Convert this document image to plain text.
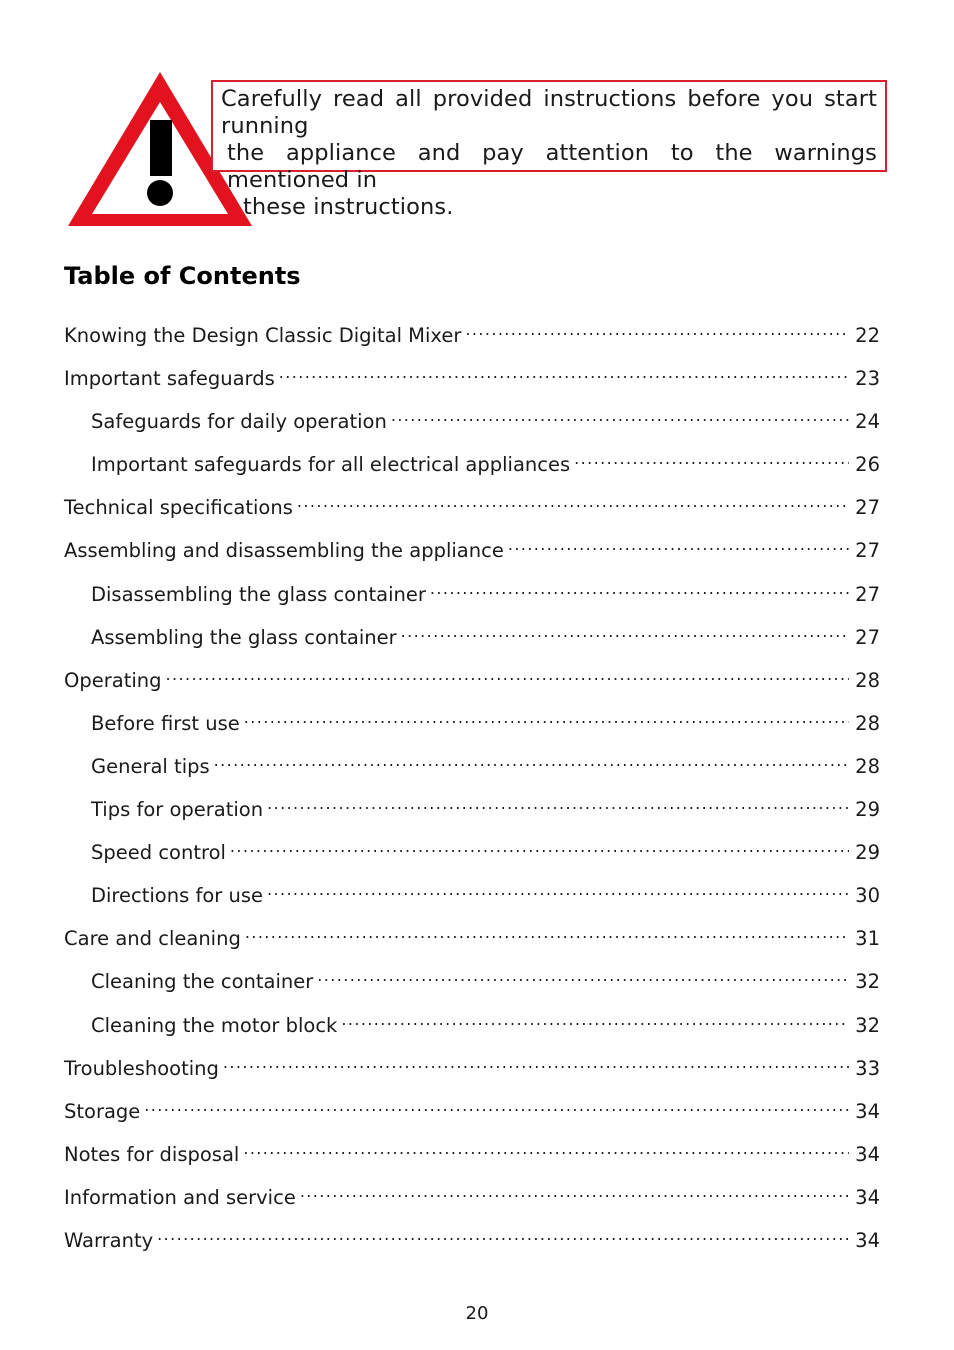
Carefully read all provided instructions before you start running
the appliance and pay attention to the warnings mentioned in
these instructions.
Table of Contents
Knowing the Design Classic Digital Mixer .....	22
Important safeguards .....	23
Safeguards for daily operation .....	24
Important safeguards for all electrical appliances .....	26
Technical specifications .....	27
Assembling and disassembling the appliance .....	27
Disassembling the glass container .....	27
Assembling the glass container .....	27
Operating .....	28
Before first use .....	28
General tips .....	28
Tips for operation .....	29
Speed control .....	29
Directions for use .....	30
Care and cleaning .....	31
Cleaning the container .....	32
Cleaning the motor block .....	32
Troubleshooting .....	33
Storage .....	34
Notes for disposal .....	34
Information and service .....	34
Warranty .....	34
20
